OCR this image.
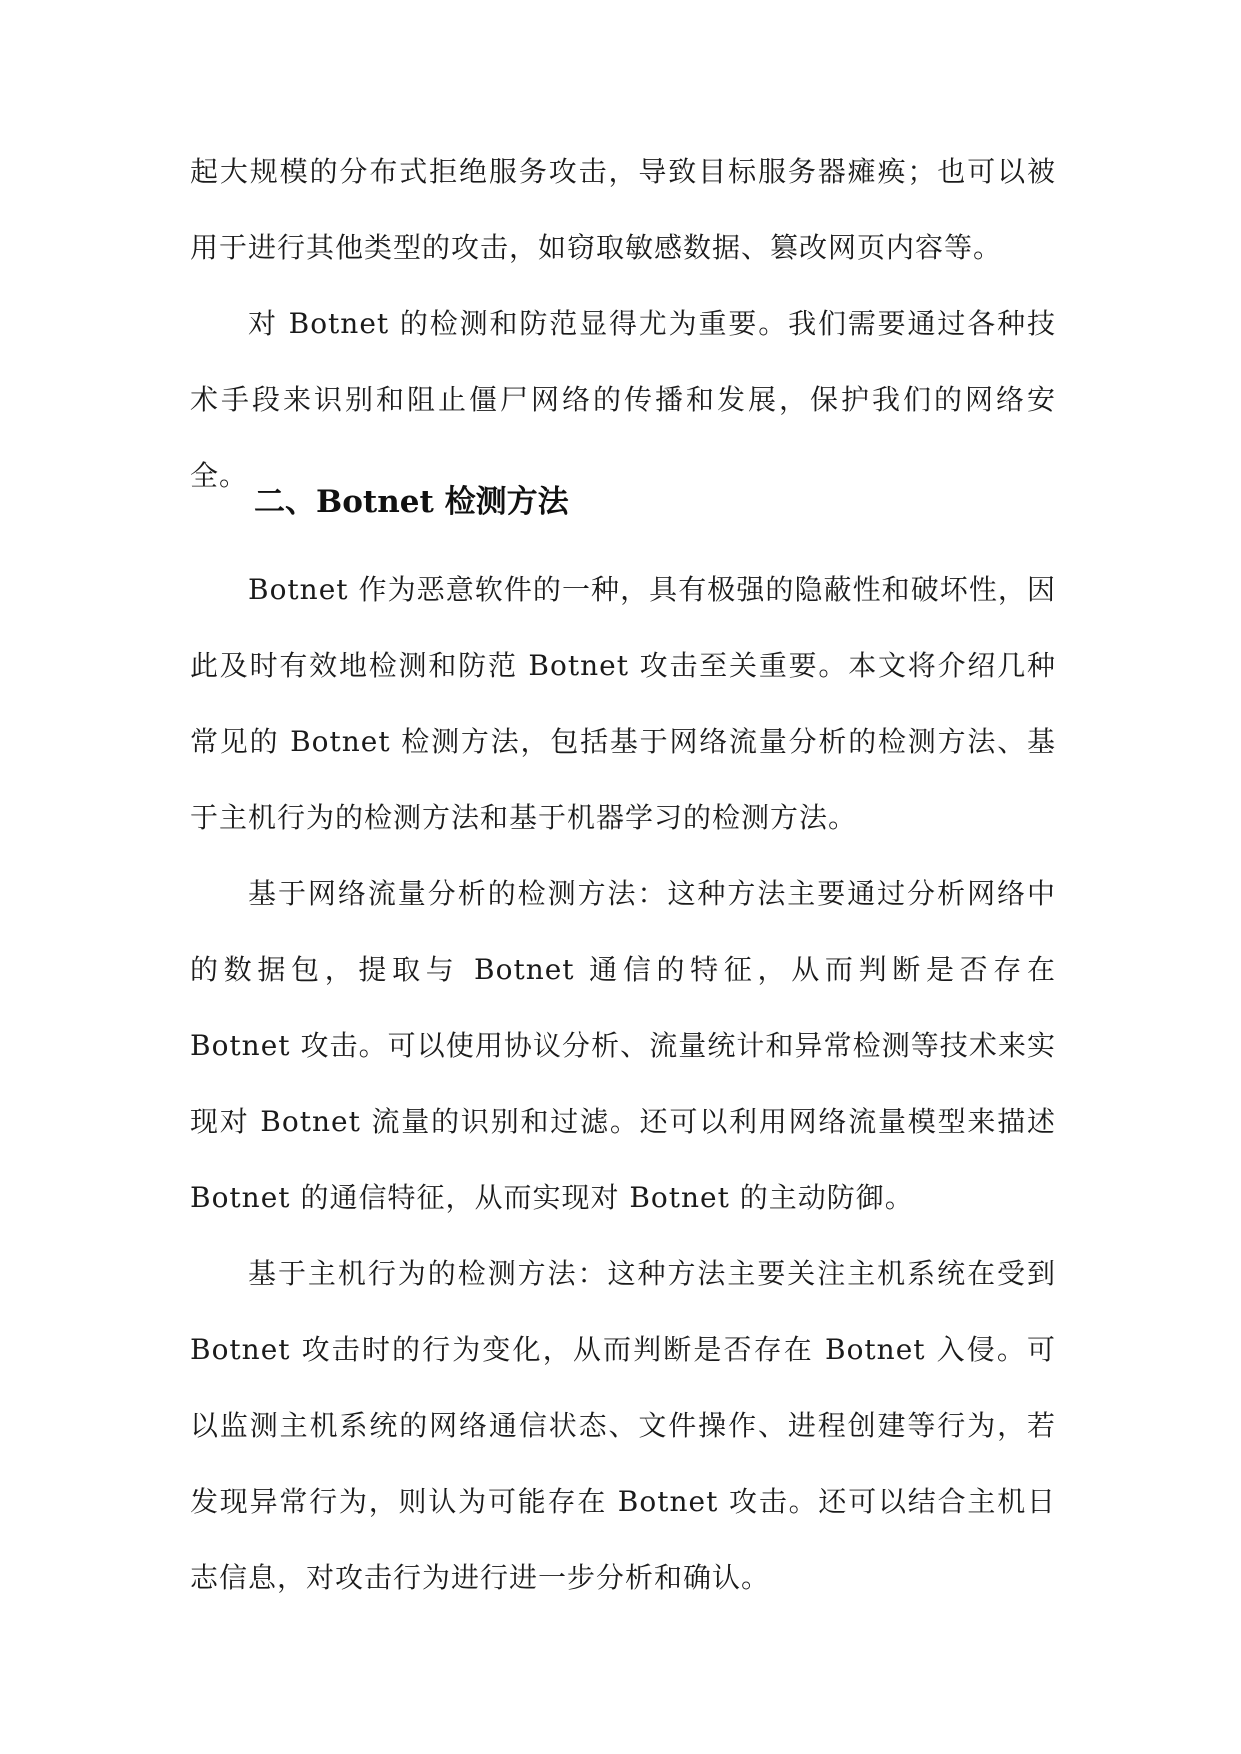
起大规模的分布式拒绝服务攻击，导致目标服务器瘫痪；也可以被用于进行其他类型的攻击，如窃取敏感数据、篡改网页内容等。

对 Botnet 的检测和防范显得尤为重要。我们需要通过各种技术手段来识别和阻止僵尸网络的传播和发展，保护我们的网络安全。

二、Botnet 检测方法

Botnet 作为恶意软件的一种，具有极强的隐蔽性和破坏性，因此及时有效地检测和防范 Botnet 攻击至关重要。本文将介绍几种常见的 Botnet 检测方法，包括基于网络流量分析的检测方法、基于主机行为的检测方法和基于机器学习的检测方法。

基于网络流量分析的检测方法：这种方法主要通过分析网络中的数据包，提取与 Botnet 通信的特征，从而判断是否存在 Botnet 攻击。可以使用协议分析、流量统计和异常检测等技术来实现对 Botnet 流量的识别和过滤。还可以利用网络流量模型来描述 Botnet 的通信特征，从而实现对 Botnet 的主动防御。

基于主机行为的检测方法：这种方法主要关注主机系统在受到 Botnet 攻击时的行为变化，从而判断是否存在 Botnet 入侵。可以监测主机系统的网络通信状态、文件操作、进程创建等行为，若发现异常行为，则认为可能存在 Botnet 攻击。还可以结合主机日志信息，对攻击行为进行进一步分析和确认。
